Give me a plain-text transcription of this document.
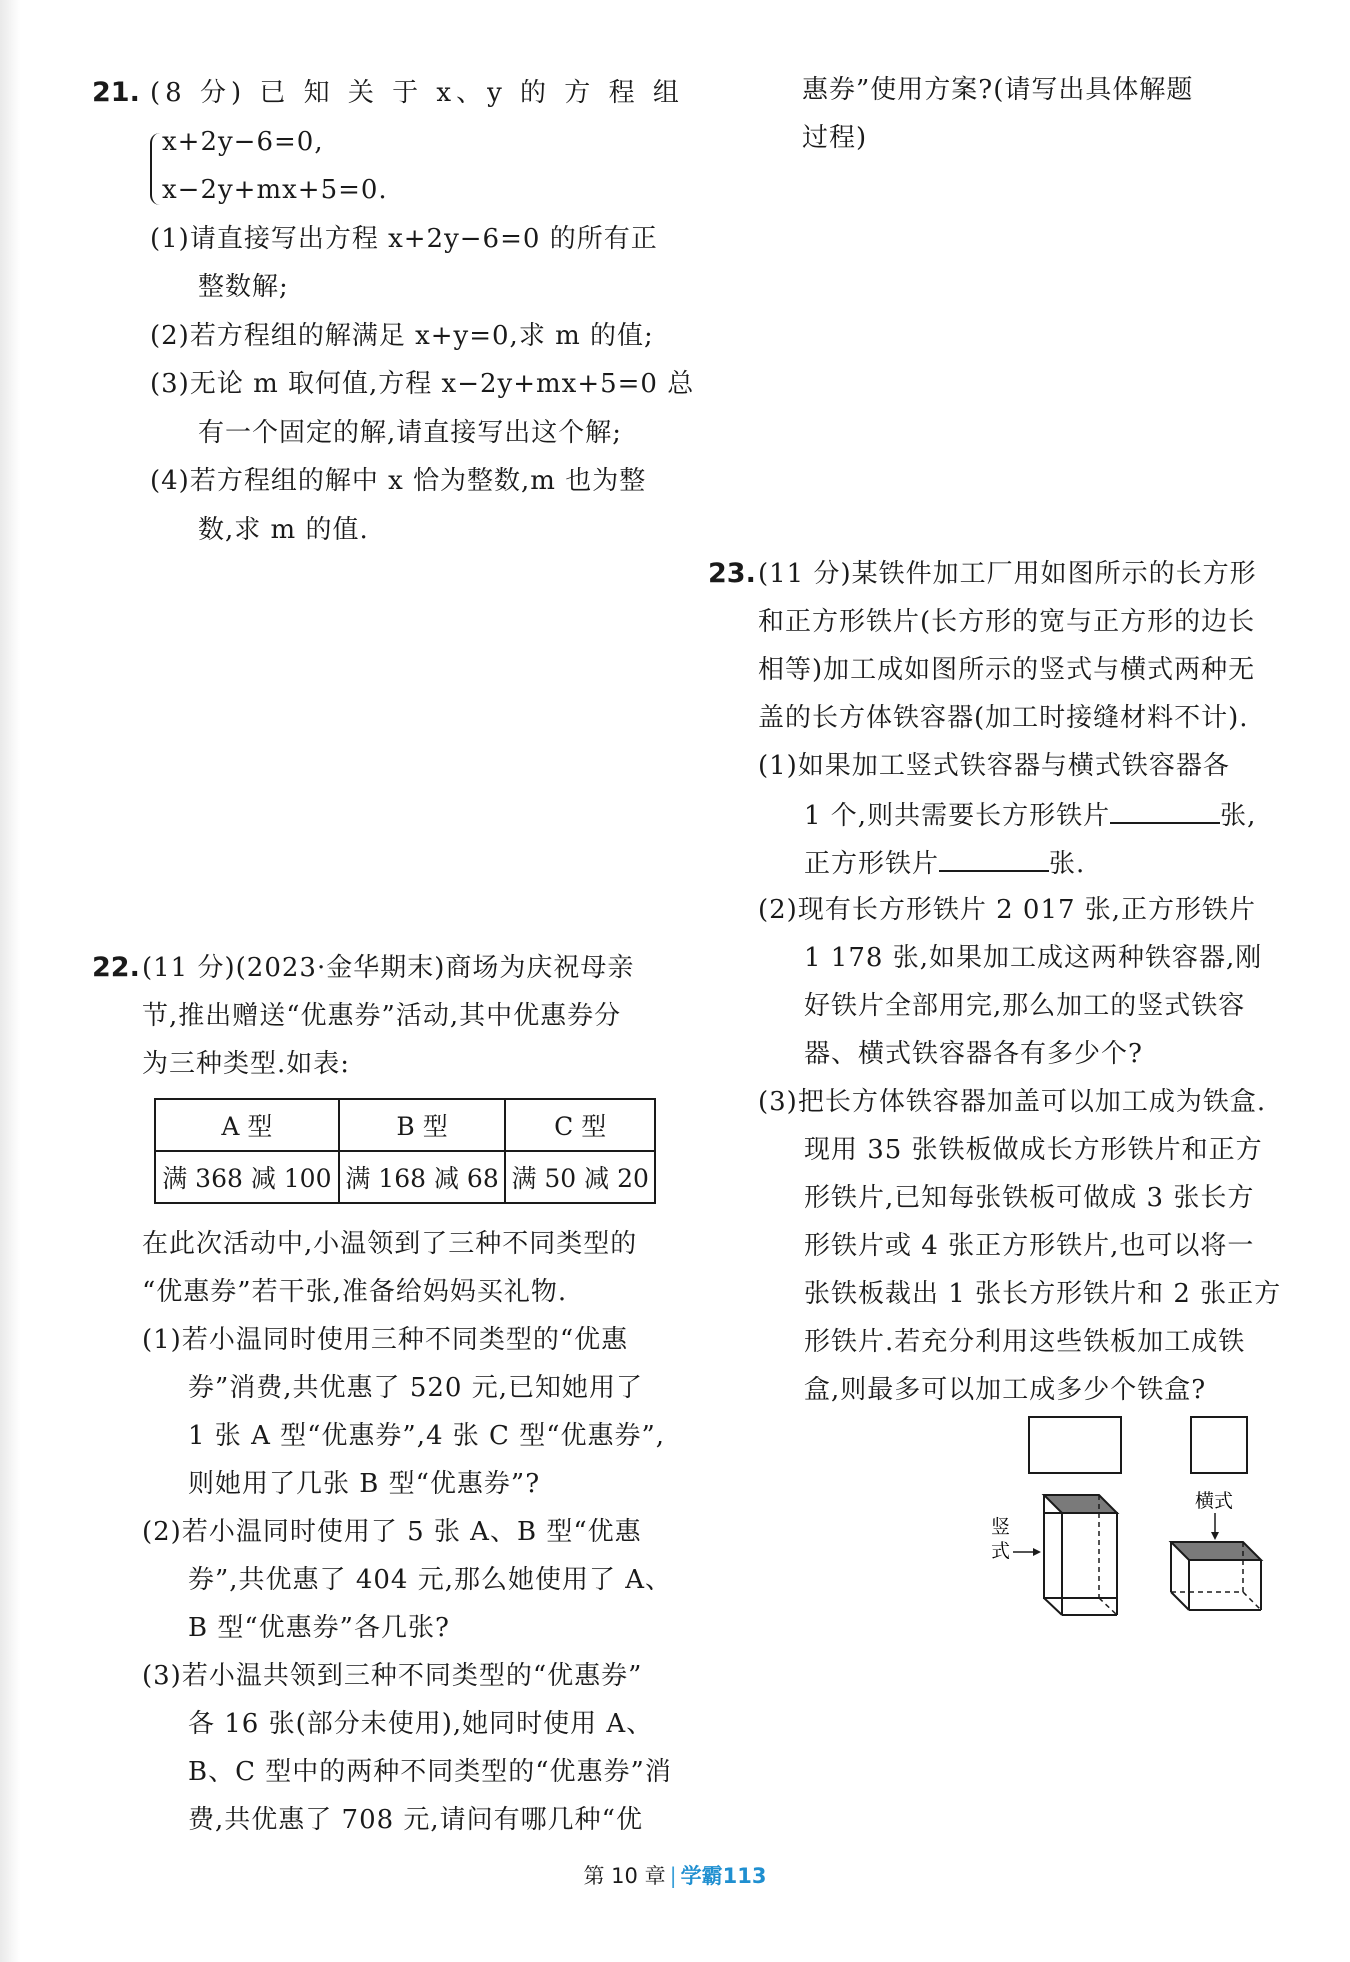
21. (8 分) 已 知 关 于 x、y 的 方 程 组
x+2y−6=0,
x−2y+mx+5=0.
(1)请直接写出方程 x+2y−6=0 的所有正
整数解;
(2)若方程组的解满足 x+y=0,求 m 的值;
(3)无论 m 取何值,方程 x−2y+mx+5=0 总
有一个固定的解,请直接写出这个解;
(4)若方程组的解中 x 恰为整数,m 也为整
数,求 m 的值.
22. (11 分)(2023·金华期末)商场为庆祝母亲
节,推出赠送“优惠券”活动,其中优惠券分
为三种类型.如表:
A 型	B 型	C 型
满 368 减 100	满 168 减 68	满 50 减 20
在此次活动中,小温领到了三种不同类型的
“优惠券”若干张,准备给妈妈买礼物.
(1)若小温同时使用三种不同类型的“优惠
券”消费,共优惠了 520 元,已知她用了
1 张 A 型“优惠券”,4 张 C 型“优惠券”,
则她用了几张 B 型“优惠券”?
(2)若小温同时使用了 5 张 A、B 型“优惠
券”,共优惠了 404 元,那么她使用了 A、
B 型“优惠券”各几张?
(3)若小温共领到三种不同类型的“优惠券”
各 16 张(部分未使用),她同时使用 A、
B、C 型中的两种不同类型的“优惠券”消
费,共优惠了 708 元,请问有哪几种“优
惠券”使用方案?(请写出具体解题
过程)
23. (11 分)某铁件加工厂用如图所示的长方形
和正方形铁片(长方形的宽与正方形的边长
相等)加工成如图所示的竖式与横式两种无
盖的长方体铁容器(加工时接缝材料不计).
(1)如果加工竖式铁容器与横式铁容器各
1 个,则共需要长方形铁片	张,
正方形铁片	张.
(2)现有长方形铁片 2 017 张,正方形铁片
1 178 张,如果加工成这两种铁容器,刚
好铁片全部用完,那么加工的竖式铁容
器、横式铁容器各有多少个?
(3)把长方体铁容器加盖可以加工成为铁盒.
现用 35 张铁板做成长方形铁片和正方
形铁片,已知每张铁板可做成 3 张长方
形铁片或 4 张正方形铁片,也可以将一
张铁板裁出 1 张长方形铁片和 2 张正方
形铁片.若充分利用这些铁板加工成铁
盒,则最多可以加工成多少个铁盒?
竖式
横式
第 10 章 | 学霸113
